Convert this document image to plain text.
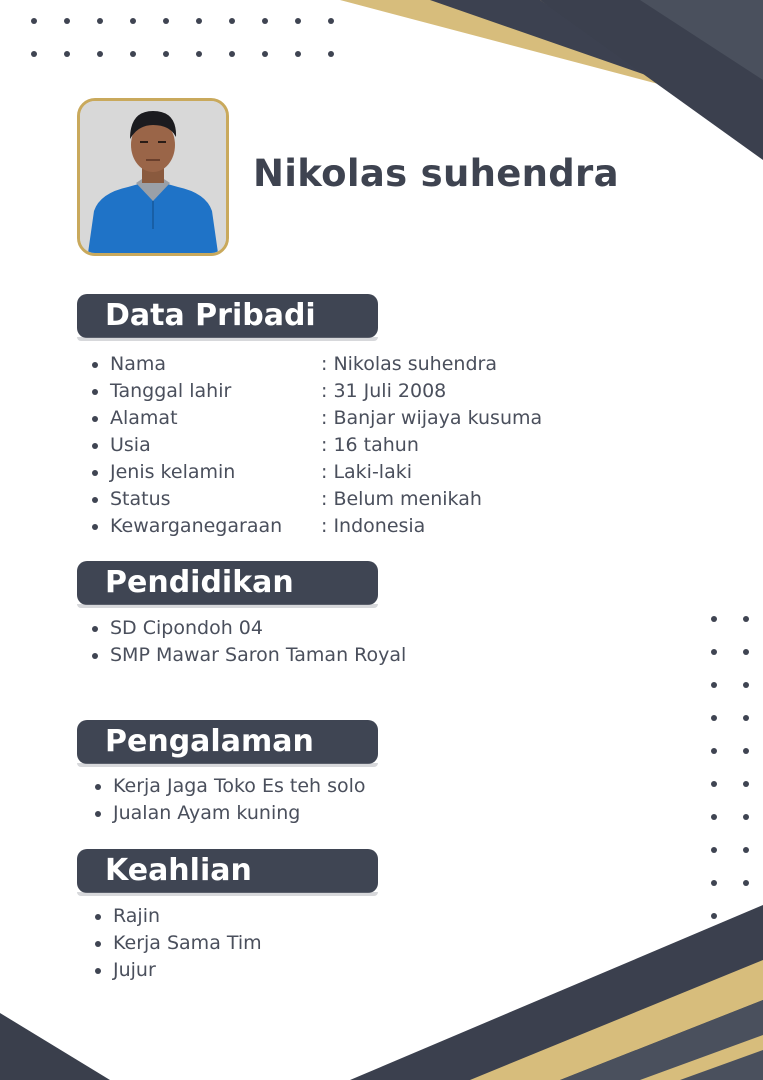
Nikolas suhendra
Data Pribadi
Nama	: Nikolas suhendra
Tanggal lahir	: 31 Juli 2008
Alamat	: Banjar wijaya kusuma
Usia	: 16 tahun
Jenis kelamin	: Laki-laki
Status	: Belum menikah
Kewarganegaraan : Indonesia
Pendidikan
SD Cipondoh 04
SMP Mawar Saron Taman Royal
Pengalaman
Kerja Jaga Toko Es teh solo
Jualan Ayam kuning
Keahlian
Rajin
Kerja Sama Tim
Jujur
